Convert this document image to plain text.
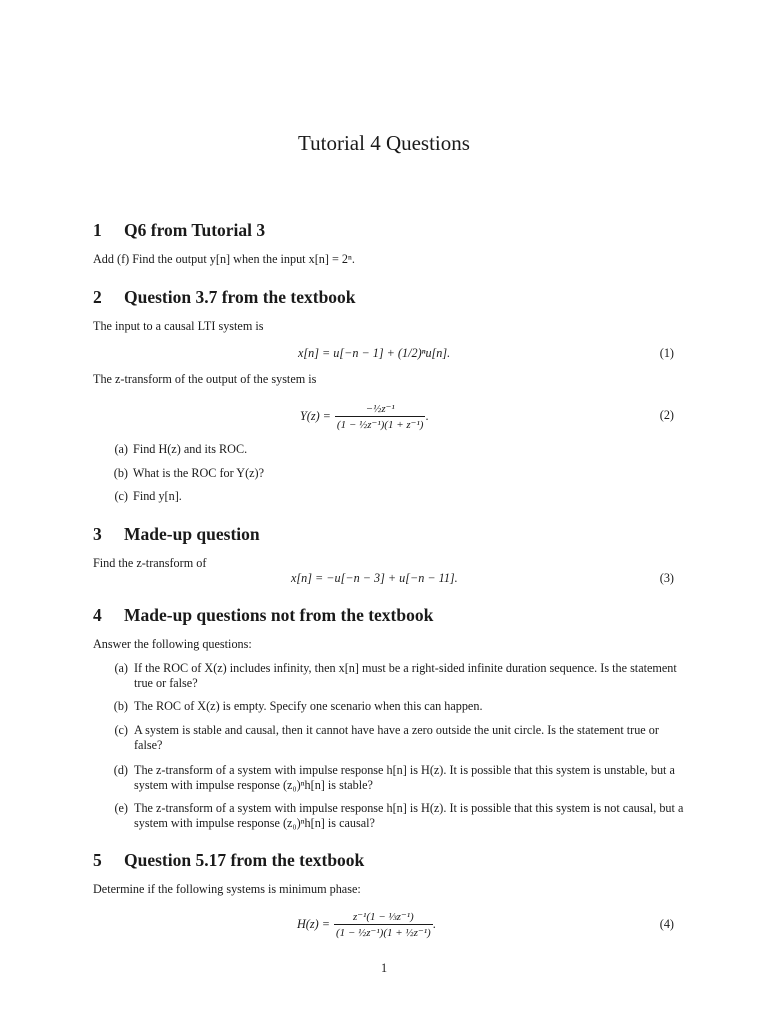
Tutorial 4 Questions
1 Q6 from Tutorial 3
Add (f) Find the output y[n] when the input x[n] = 2ⁿ.
2 Question 3.7 from the textbook
The input to a causal LTI system is
x[n] = u[−n − 1] + (1/2)ⁿu[n].	(1)
The z-transform of the output of the system is
$Y(z) = \frac{\text{−½z⁻¹}}{\text{(1 − ½z⁻¹)(1 + z⁻¹)}}$ .	(2)
(a) Find H(z) and its ROC.
(b) What is the ROC for Y(z)?
(c) Find y[n].
3 Made-up question
Find the z-transform of
x[n] = −u[−n − 3] + u[−n − 11].	(3)
4 Made-up questions not from the textbook
Answer the following questions:
(a) If the ROC of X(z) includes infinity, then x[n] must be a right-sided infinite duration sequence. Is the statement true or false?
(b) The ROC of X(z) is empty. Specify one scenario when this can happen.
(c) A system is stable and causal, then it cannot have have a zero outside the unit circle. Is the statement true or false?
(d) The z-transform of a system with impulse response h[n] is H(z). It is possible that this system is unstable, but a system with impulse response (z₀)ⁿh[n] is stable?
(e) The z-transform of a system with impulse response h[n] is H(z). It is possible that this system is not causal, but a system with impulse response (z₀)ⁿh[n] is causal?
5 Question 5.17 from the textbook
Determine if the following systems is minimum phase:
$H(z) = \frac{\text{z⁻¹(1 − ⅓z⁻¹)}}{\text{(1 − ½z⁻¹)(1 + ½z⁻¹)}}$ .	(4)
1
